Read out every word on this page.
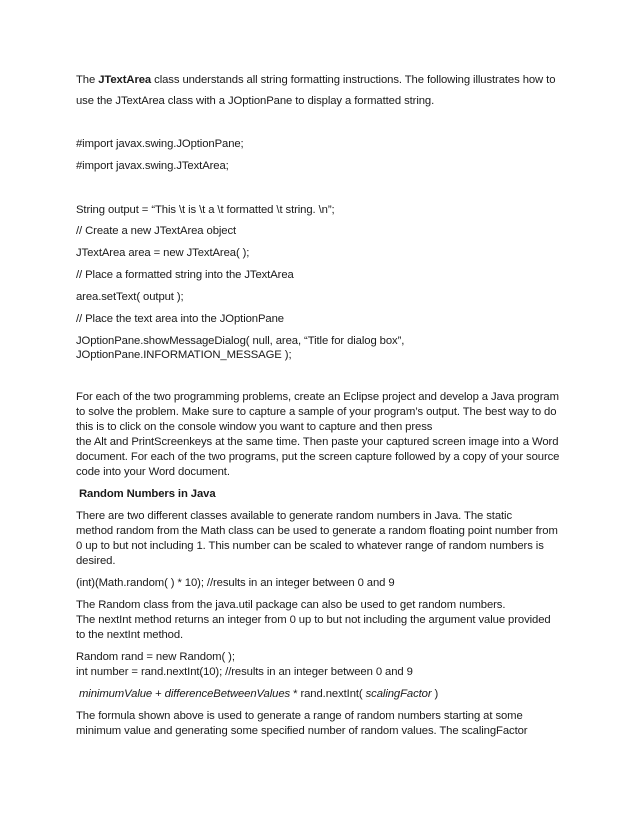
The JTextArea class understands all string formatting instructions. The following illustrates how to
use the JTextArea class with a JOptionPane to display a formatted string.
#import javax.swing.JOptionPane;
#import javax.swing.JTextArea;
String output = “This \t is \t a \t formatted \t string. \n”;
// Create a new JTextArea object
JTextArea area = new JTextArea( );
// Place a formatted string into the JTextArea
area.setText( output );
// Place the text area into the JOptionPane
JOptionPane.showMessageDialog( null, area, “Title for dialog box”,
JOptionPane.INFORMATION_MESSAGE );
For each of the two programming problems, create an Eclipse project and develop a Java program
to solve the problem. Make sure to capture a sample of your program’s output. The best way to do
this is to click on the console window you want to capture and then press
the Alt and PrintScreenkeys at the same time. Then paste your captured screen image into a Word
document. For each of the two programs, put the screen capture followed by a copy of your source
code into your Word document.
Random Numbers in Java
There are two different classes available to generate random numbers in Java. The static
method random from the Math class can be used to generate a random floating point number from
0 up to but not including 1. This number can be scaled to whatever range of random numbers is
desired.
(int)(Math.random( ) * 10); //results in an integer between 0 and 9
The Random class from the java.util package can also be used to get random numbers.
The nextInt method returns an integer from 0 up to but not including the argument value provided
to the nextInt method.
Random rand = new Random( );
int number = rand.nextInt(10); //results in an integer between 0 and 9
minimumValue + differenceBetweenValues * rand.nextInt( scalingFactor )
The formula shown above is used to generate a range of random numbers starting at some
minimum value and generating some specified number of random values. The scalingFactor
